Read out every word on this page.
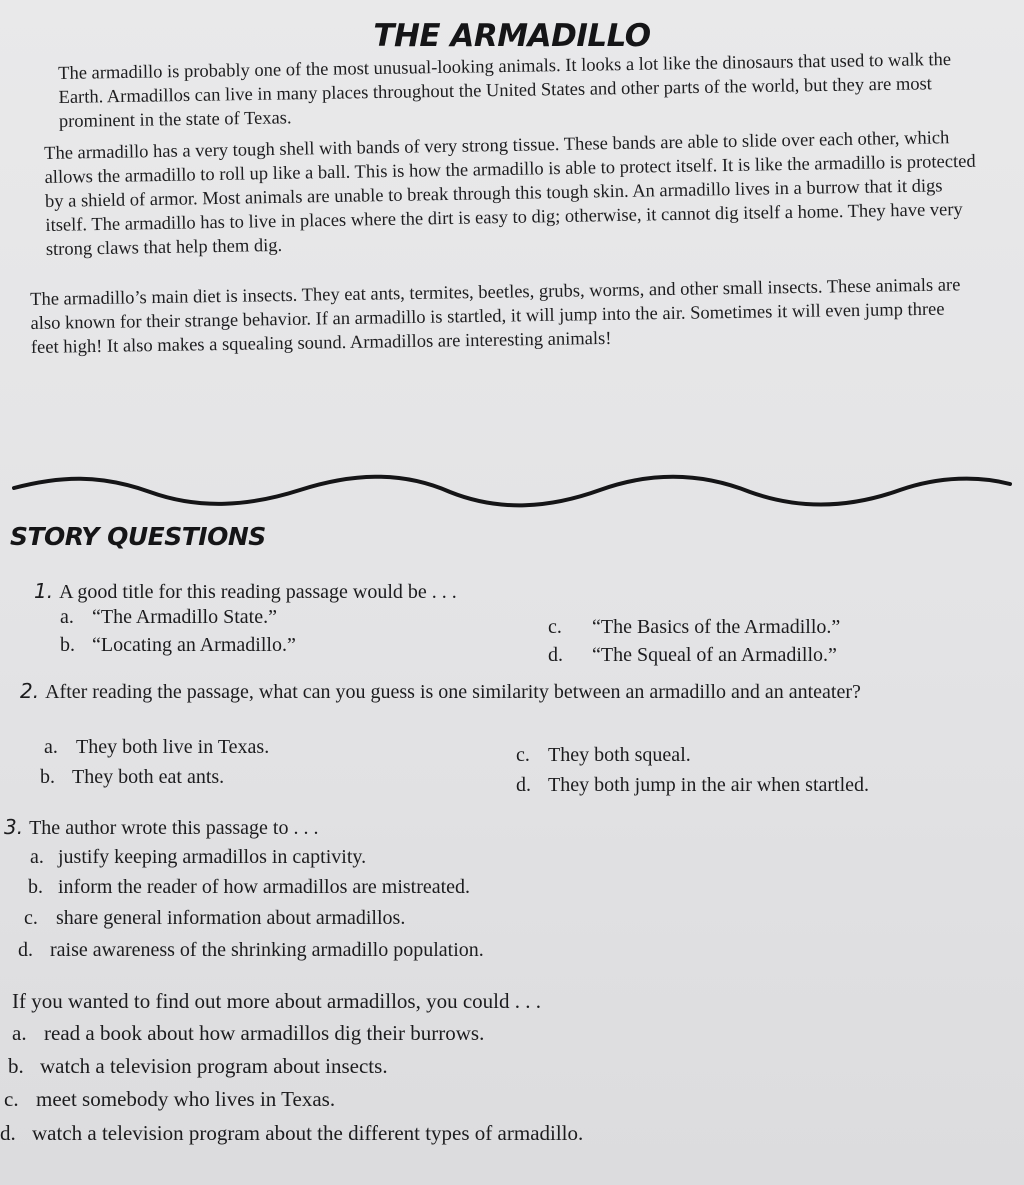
THE ARMADILLO

The armadillo is probably one of the most unusual-looking animals. It looks a lot like the dinosaurs that used to walk the Earth. Armadillos can live in many places throughout the United States and other parts of the world, but they are most prominent in the state of Texas.

The armadillo has a very tough shell with bands of very strong tissue. These bands are able to slide over each other, which allows the armadillo to roll up like a ball. This is how the armadillo is able to protect itself. It is like the armadillo is protected by a shield of armor. Most animals are unable to break through this tough skin. An armadillo lives in a burrow that it digs itself. The armadillo has to live in places where the dirt is easy to dig; otherwise, it cannot dig itself a home. They have very strong claws that help them dig.

The armadillo’s main diet is insects. They eat ants, termites, beetles, grubs, worms, and other small insects. These animals are also known for their strange behavior. If an armadillo is startled, it will jump into the air. Sometimes it will even jump three feet high! It also makes a squealing sound. Armadillos are interesting animals!

STORY QUESTIONS
1. A good title for this reading passage would be . . .
a. “The Armadillo State.”
b. “Locating an Armadillo.”
c. “The Basics of the Armadillo.”
d. “The Squeal of an Armadillo.”
2. After reading the passage, what can you guess is one similarity between an armadillo and an anteater?
a. They both live in Texas.
b. They both eat ants.
c. They both squeal.
d. They both jump in the air when startled.
3. The author wrote this passage to . . .
a. justify keeping armadillos in captivity.
b. inform the reader of how armadillos are mistreated.
c. share general information about armadillos.
d. raise awareness of the shrinking armadillo population.
If you wanted to find out more about armadillos, you could . . .
a. read a book about how armadillos dig their burrows.
b. watch a television program about insects.
c. meet somebody who lives in Texas.
d. watch a television program about the different types of armadillo.
